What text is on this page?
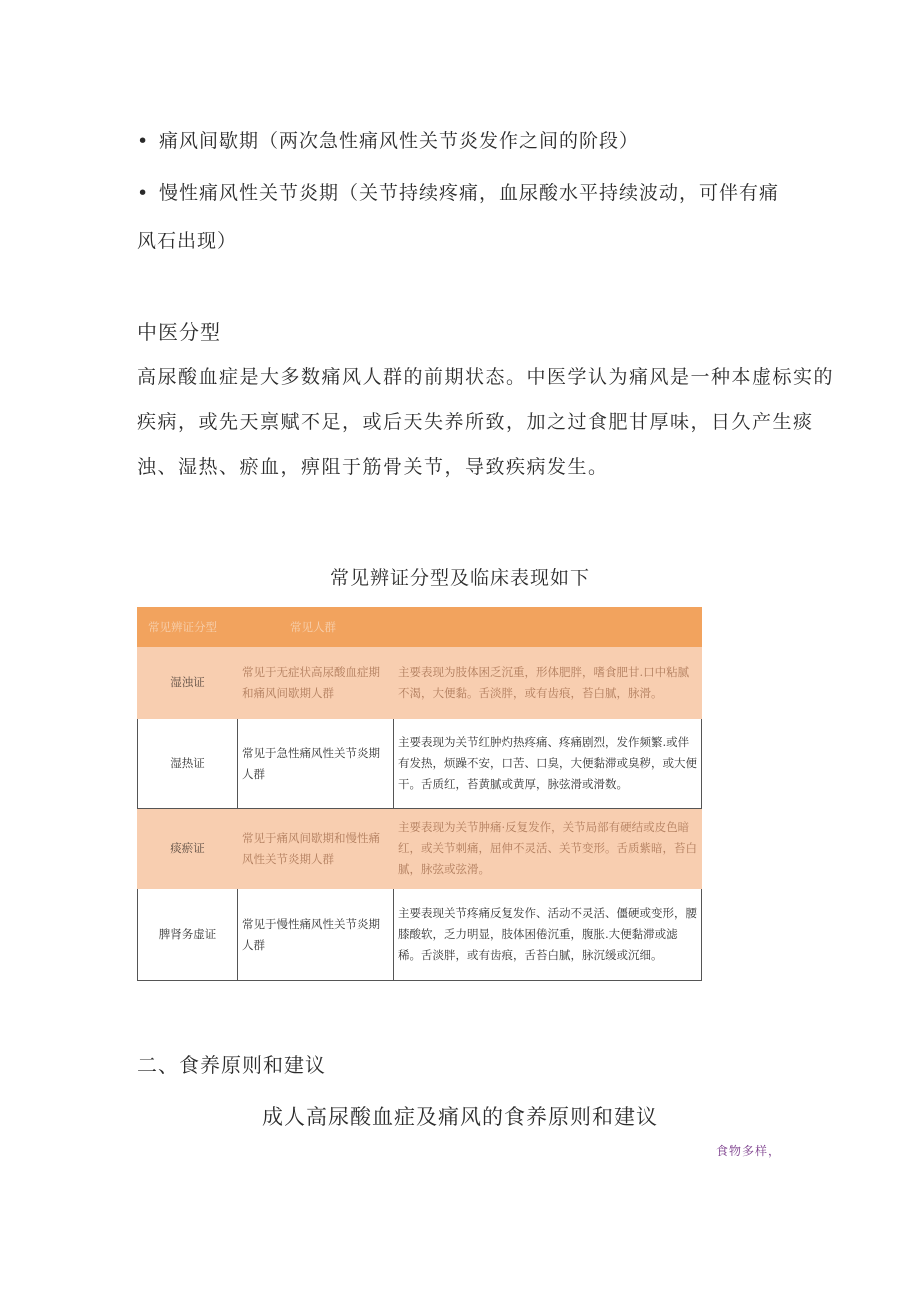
• 痛风间歇期（两次急性痛风性关节炎发作之间的阶段）
• 慢性痛风性关节炎期（关节持续疼痛，血尿酸水平持续波动，可伴有痛
风石出现）
中医分型
高尿酸血症是大多数痛风人群的前期状态。中医学认为痛风是一种本虚标实的
疾病，或先天禀赋不足，或后天失养所致，加之过食肥甘厚味，日久产生痰
浊、湿热、瘀血，痹阻于筋骨关节，导致疾病发生。
常见辨证分型及临床表现如下
常见辨证分型	常见人群	
湿浊证	常见于无症状高尿酸血症期和痛风间歇期人群	主要表现为肢体困乏沉重，形体肥胖，嗜食肥甘.口中粘腻不渴，大便黏。舌淡胖，或有齿痕，苔白腻，脉滑。
湿热证	常见于急性痛风性关节炎期人群	主要表现为关节红肿灼热疼痛、疼痛剧烈，发作频繁.或伴有发热，烦躁不安，口苦、口臭，大便黏滞或臭秽，或大便干。舌质红，苔黄腻或黄厚，脉弦滑或滑数。
痰瘀证	常见于痛风间歇期和慢性痛风性关节炎期人群	主要表现为关节肿痛·反复发作，关节局部有硬结或皮色暗红，或关节刺痛，屈伸不灵活、关节变形。舌质紫暗，苔白腻，脉弦或弦滑。
脾肾务虚证	常见于慢性痛风性关节炎期人群	主要表现关节疼痛反复发作、活动不灵活、僵硬或变形，腰膝酸软，乏力明显，肢体困倦沉重，腹胀.大便黏滞或滤稀。舌淡胖，或有齿痕，舌苔白腻，脉沉缓或沉细。
二、食养原则和建议
成人高尿酸血症及痛风的食养原则和建议
食物多样，
